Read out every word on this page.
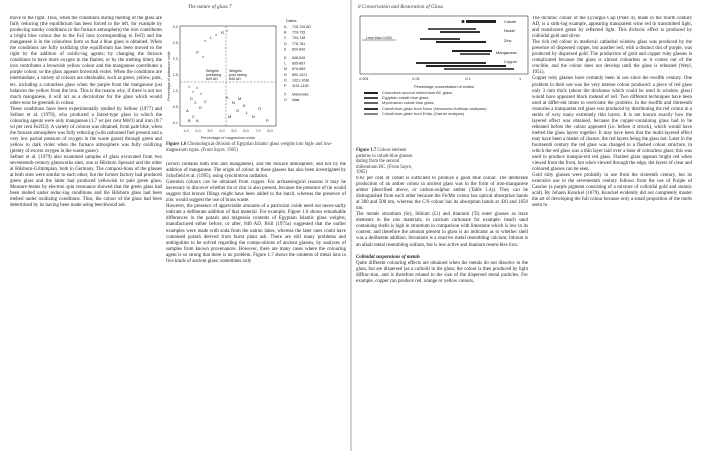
The nature of glass 7

move to the right. Thus, when the conditions during melting of the glass are fully reducing (the equilibrium has been forced to the left, for example by producing smoky conditions in the furnace atmosphere) the iron contributes a bright blue colour due to the Fe2 ions (corresponding to FeO) and the manganese is in the colourless form so that a blue glass is obtained. When the conditions are fully oxidizing (the equilibrium has been moved to the right by the addition of oxidiz-ing agents; by changing the furnace conditions to have more oxygen in the flames; or by the melting time), the iron contributes a brownish yellow colour and the manganese contributes a purple colour, so the glass appears brownish violet. When the conditions are intermediate, a variety of colours are obtainable, such as green, yellow, pink, etc. including a colourless glass when the purple from the manganese just balances the yellow from the iron. This is the reason why, if there is not too much manganese, it will act as a decolorizer for the glass which would other-wise be greenish in colour.

These conditions have been experimentally studied by Sellner (1977) and Sellner et al. (1979), who produced a forest-type glass in which the colouring agents were only manganese (1.7 wt per cent MnO) and iron (0.7 wt per cent Fe2O3). A variety of colours was obtained, from pale blue, when the furnace atmosphere was fully reducing (with unburned fuel present and a very low partial pressure of oxygen in the waste gases) through green and yellow to dark violet when the furnace atmosphere was fully oxidizing (plenty of excess oxygen in the waste gases).

Sellner et al. (1979) also examined samples of glass excavated from two seventeenth-century glassworks sites, one at Hilsborn Spessart and the other at Hilsborn-Grimmplan, both in Germany. The composi-tions of the glasses at both sites were similar to each other, but the former factory had produced green glass and the latter had produced yellowish to pale green glass. Measure-ments by electron spin resonance showed that the green glass had been melted under reduc-ing conditions and the Hilsborn glass had been melted under oxidizing conditions. Thus, the colour of the glass had been determined by its having been made using beechwood ash

3.0
2.5
2.0
1.5
1.0
0.5
0.1
1.0 2.0 3.0 4.0 5.0 6.0 7.0 8.0
Percentage of potassium oxide
Percentage of magnesium oxide
×
L
× R ×
P
×
×
×
×
×
D
C
D
C
A
C
B A
K
N
M
K
O L
M	N
O
P
Weights predating 840 AD
Weights post dating 840 AD
Dates
A 718-726 AD
B 729-735
C 734-748
D 778-781
E 820-842
K 848-849
L 855-867
M 870-889
N 890-1021
O 1021-1036
P 1101-1150
X Mameluke
O Nasr
Figure 1.6 Chronological division of Egyptian Islamic glass weights into high- and low-magnesium types. (From Sayre, 1965)

(which contains both iron and manganese), and the furnace atmosphere, and not by the addition of manganese. The origin of colour in these glasses has also been investigated by Schofield et al. (1995), using synchrotron radiation.

Greenish colours can be obtained from copper. For archaeological reasons it may be necessary to discover whether tin or zinc is also present, because the presence of tin would suggest that bronze filings might have been added to the batch, whereas the presence of zinc would suggest the use of brass waste.

However, the presence of appreciable amounts of a particular oxide need not neces-sarily indicate a deliberate addition of that material. For example, Figure 1.6 shows remarkable differences in the potash and magnesia contents of Egyptian Islamic glass weights, manufactured either before, or after, 840 AD. Brill (1971a) suggested that the earlier examples were made with soda from the natron lakes, whereas the later ones could have contained potash derived from burnt plant ash. There are still many problems and ambiguities to be solved regarding the compo-sitions of ancient glasses, by analyses of samples from known provenances. However, there are many cases where the colouring agent is so strong that there is no problem. Figure 1.7 shows the contents of metal ions in five kinds of ancient glass; sometimes only

8 Conservation and Restoration of Glass
Cobalt
Nickel
Less than 0.003	Zinc
Manganese
Copper
0.001	0.01	0.1	1
Percentage concentration of oxides
Colourless second millennium BC glass
Egyptian cobalt blue glass
Mycenaean cobalt blue glass
Cobalt blue glass from Nuzu (Neumann-Hoffman analyses)
Cobalt blue glass from Eridu (Garner analysis)
Figure 1.7 Colour element patterns in cobalt-blue glasses dating from the second millennium BC. (From Sayre, 1965)

0.02 per cent of cobalt is sufficient to produce a good blue colour. The deliberate production of an amber colour in ancient glass was in the form of iron-manganese amber (described above, or carbon-sulphur amber (Table 1.4)). They can be distinguished from each other because the Fe/Mn colour has optical absorption bands at 380 and 500 nm, whereas the C/S colour has its absorption bands at 430 and 1050 nm.

The metals strontium (Sr), lithium (Li) and titanium (Ti) enter glasses as trace elements in the raw materials, in calcium carbonate for example: beach sand containing shells is high in strontium in comparison with limestone which is low in its content, and therefore the amount present in glass is an indicator as to whether shell was a deliberate addition. Strontium is a reactive metal resembling calcium; lithium is an alkali metal resembling sodium, but is less active and titanium resem-bles iron.

Colloidal suspensions of metals

Quite different colouring effects are obtained when the metals do not dissolve in the glass, but are dispersed (as a colloid) in the glass; the colour is then produced by light diffrac-tion, and is therefore related to the size of the dispersed metal particles. For example, copper can produce red, orange or yellow colours,

The dichroic colour of the Lycurgus Cup (Plate 4), made in the fourth century AD, is a strik-ing example, appearing transparent wine red in transmitted light, and translucent green by reflected light. This dichroic effect is produced by colloidal gold and silver.

The rich red colour in medieval cathedral window glass was produced by the presence of dispersed copper, but another red, with a distinct tint of purple, was produced by dispersed gold. The production of gold and copper ruby glasses is complicated because the glass is almost colourless as it comes out of the crucible, and the colour does not develop until the glass is reheated (Weyl, 1951).

Copper ruby glasses have certainly been in use since the twelfth century. One problem in their use was the very intense colour produced: a piece of red glass only 3 mm thick (about the thickness which could be used in window glass) would have appeared black instead of red. Two different techniques have been used at differ-ent times to overcome the problem. In the twelfth and thirteenth centuries a transparent red glass was produced by distributing the red colour in a series of very many extremely thin layers. It is not known exactly how the layered effect was obtained, because the copper-containing glass had to be reheated before the colour appeared (i.e. before it struck), which would have melted the glass layers together. It may have been that the multi-layered effect may have been a matter of chance, the red layers being the glass hot. Later in the fourteenth century the red glass was changed to a flashed colour structure, in which the red glass was a thin layer laid over a base of colourless glass; this was used to produce transpar-ent red glass. Flashed glass appears bright red when viewed from the front, but when viewed through the edge, the layers of clear and coloured glasses can be seen.

Gold ruby glasses were probably in use from the sixteenth century, but its extensive use in the seventeenth century follows from the use of Purple of Cassius (a purple pigment consisting of a mixture of colloidal gold and stannic acid). By Johann Kunckel (1679). Kunckel evidently did not completely master the art of developing the full colour because only a small proportion of the melts seem to
